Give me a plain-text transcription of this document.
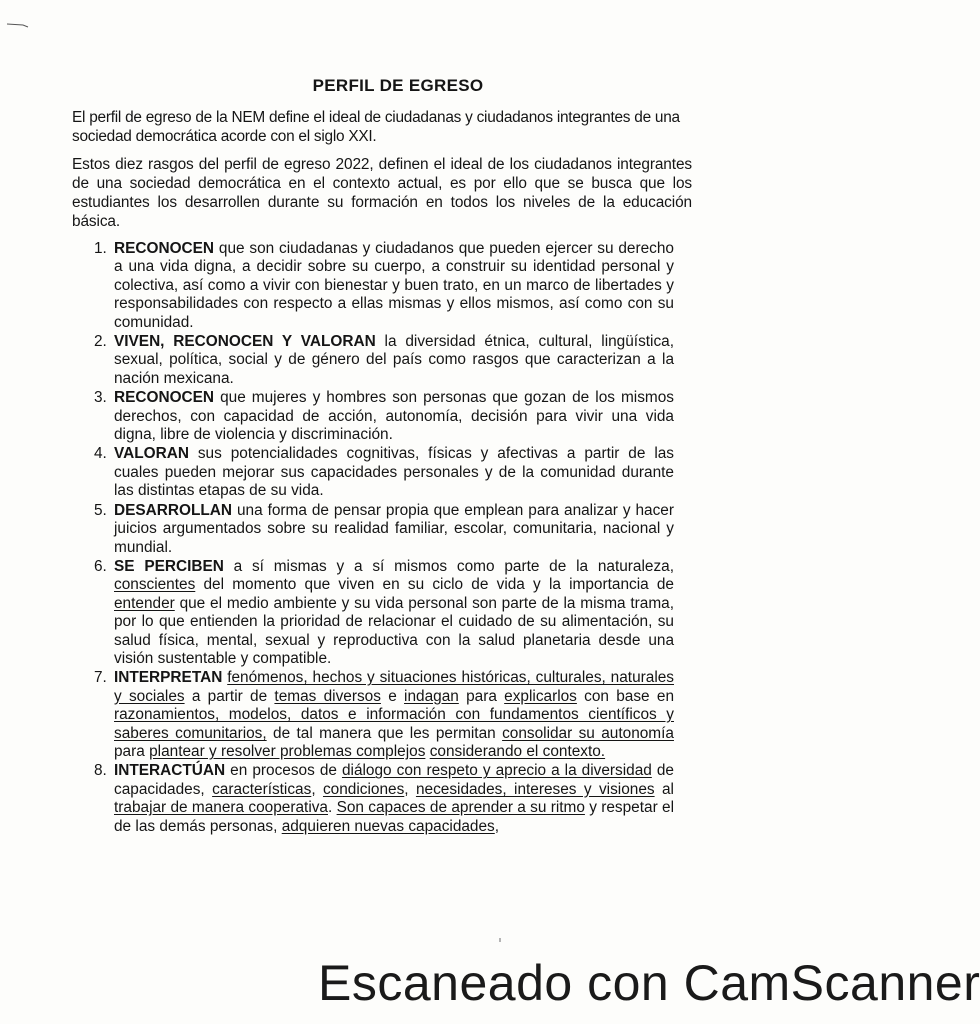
PERFIL DE EGRESO
El perfil de egreso de la NEM define el ideal de ciudadanas y ciudadanos integrantes de una sociedad democrática acorde con el siglo XXI.
Estos diez rasgos del perfil de egreso 2022, definen el ideal de los ciudadanos integrantes de una sociedad democrática en el contexto actual, es por ello que se busca que los estudiantes los desarrollen durante su formación en todos los niveles de la educación básica.
1. RECONOCEN que son ciudadanas y ciudadanos que pueden ejercer su derecho a una vida digna, a decidir sobre su cuerpo, a construir su identidad personal y colectiva, así como a vivir con bienestar y buen trato, en un marco de libertades y responsabilidades con respecto a ellas mismas y ellos mismos, así como con su comunidad.
2. VIVEN, RECONOCEN Y VALORAN la diversidad étnica, cultural, lingüística, sexual, política, social y de género del país como rasgos que caracterizan a la nación mexicana.
3. RECONOCEN que mujeres y hombres son personas que gozan de los mismos derechos, con capacidad de acción, autonomía, decisión para vivir una vida digna, libre de violencia y discriminación.
4. VALORAN sus potencialidades cognitivas, físicas y afectivas a partir de las cuales pueden mejorar sus capacidades personales y de la comunidad durante las distintas etapas de su vida.
5. DESARROLLAN una forma de pensar propia que emplean para analizar y hacer juicios argumentados sobre su realidad familiar, escolar, comunitaria, nacional y mundial.
6. SE PERCIBEN a sí mismas y a sí mismos como parte de la naturaleza, conscientes del momento que viven en su ciclo de vida y la importancia de entender que el medio ambiente y su vida personal son parte de la misma trama, por lo que entienden la prioridad de relacionar el cuidado de su alimentación, su salud física, mental, sexual y reproductiva con la salud planetaria desde una visión sustentable y compatible.
7. INTERPRETAN fenómenos, hechos y situaciones históricas, culturales, naturales y sociales a partir de temas diversos e indagan para explicarlos con base en razonamientos, modelos, datos e información con fundamentos científicos y saberes comunitarios, de tal manera que les permitan consolidar su autonomía para plantear y resolver problemas complejos considerando el contexto.
8. INTERACTÚAN en procesos de diálogo con respeto y aprecio a la diversidad de capacidades, características, condiciones, necesidades, intereses y visiones al trabajar de manera cooperativa. Son capaces de aprender a su ritmo y respetar el de las demás personas, adquieren nuevas capacidades,
Escaneado con CamScanner
